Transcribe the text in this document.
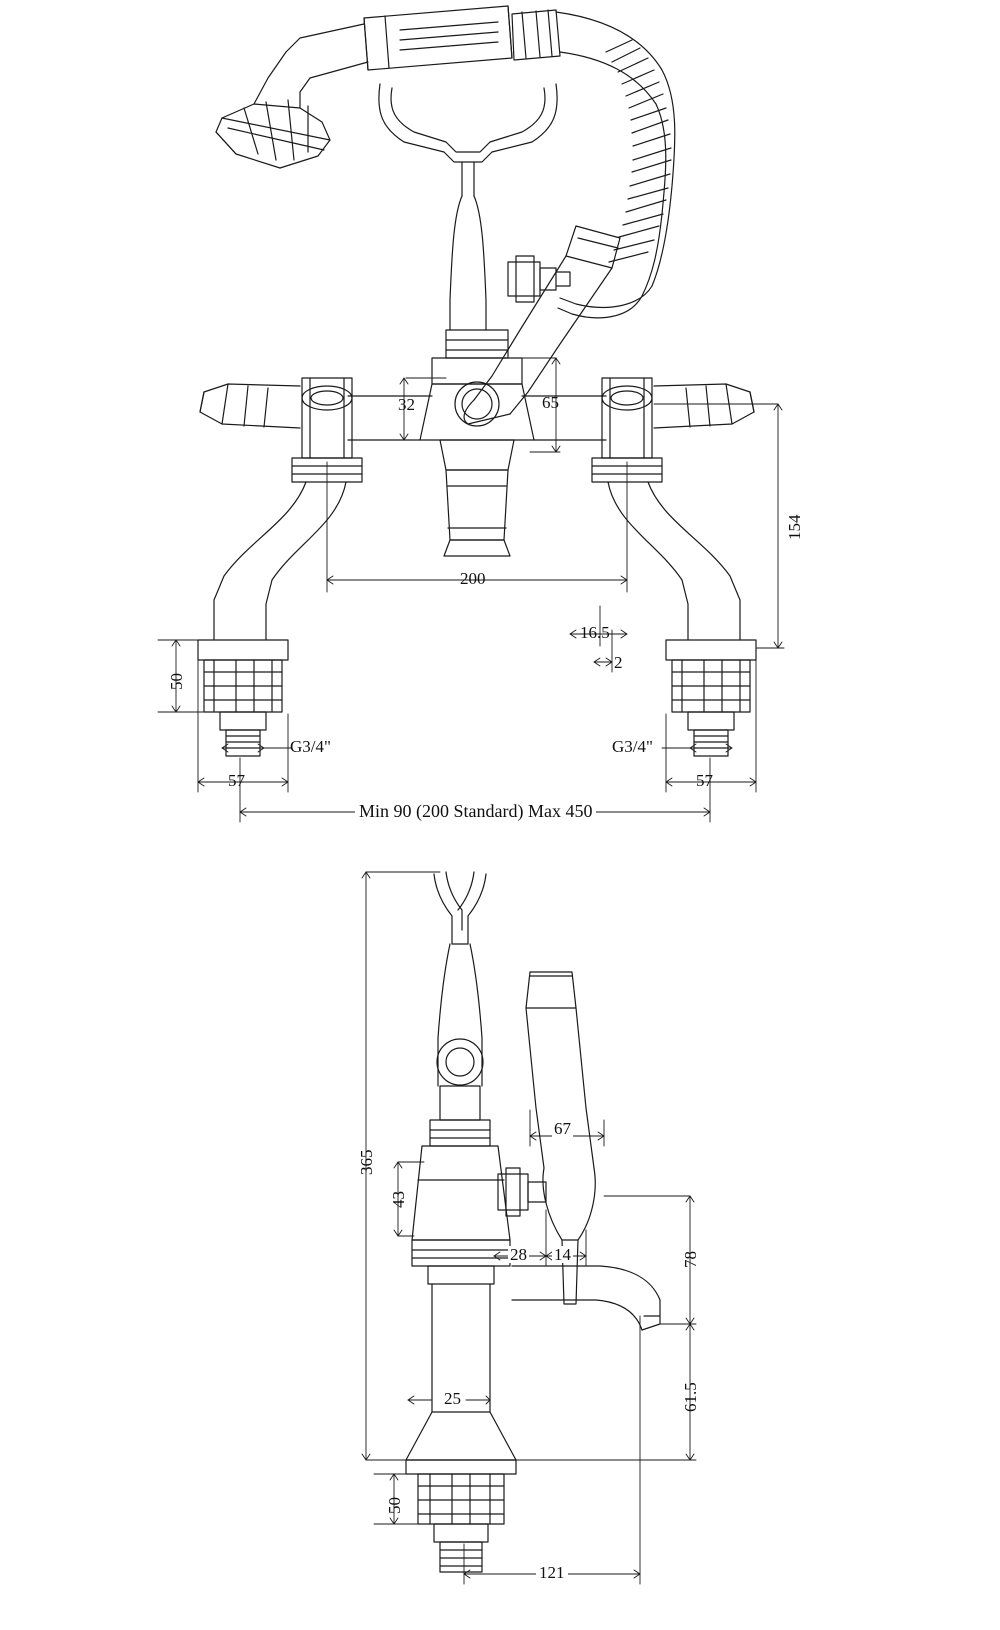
32	65
154
200
16.5
2
50
57	57
G3/4"	G3/4"
Min 90 (200 Standard) Max 450
365
67
43
28 14	78
61.5
25
50
121
